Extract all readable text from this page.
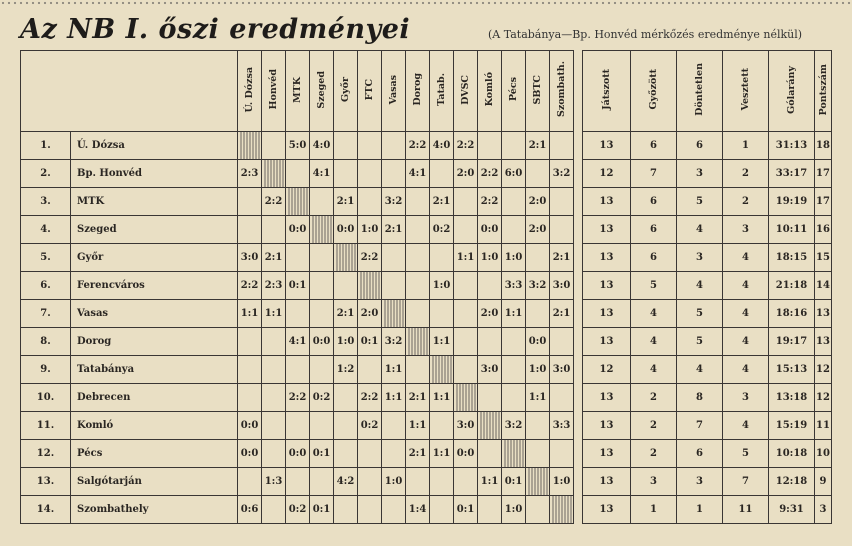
Az NB I. őszi eredményei	(A Tatabánya—Bp. Honvéd mérkőzés eredménye nélkül)
		Ú. Dózsa	Honvéd	MTK	Szeged	Győr	FTC	Vasas	Dorog	Tatab.	DVSC	Komló	Pécs	SBTC	Szombath.		Játszott	Győzött	Döntetlen	Vesztett	Gólarány	Pontszám
1.	Ú. Dózsa			5:0	4:0				2:2	4:0	2:2			2:1			13	6	6	1	31:13	18
2.	Bp. Honvéd	2:3			4:1				4:1		2:0	2:2	6:0		3:2		12	7	3	2	33:17	17
3.	MTK		2:2			2:1		3:2		2:1		2:2		2:0			13	6	5	2	19:19	17
4.	Szeged			0:0		0:0	1:0	2:1		0:2		0:0		2:0			13	6	4	3	10:11	16
5.	Győr	3:0	2:1				2:2				1:1	1:0	1:0		2:1		13	6	3	4	18:15	15
6.	Ferencváros	2:2	2:3	0:1						1:0			3:3	3:2	3:0		13	5	4	4	21:18	14
7.	Vasas	1:1	1:1			2:1	2:0					2:0	1:1		2:1		13	4	5	4	18:16	13
8.	Dorog			4:1	0:0	1:0	0:1	3:2		1:1				0:0			13	4	5	4	19:17	13
9.	Tatabánya					1:2		1:1				3:0		1:0	3:0		12	4	4	4	15:13	12
10.	Debrecen			2:2	0:2		2:2	1:1	2:1	1:1				1:1			13	2	8	3	13:18	12
11.	Komló	0:0					0:2		1:1		3:0		3:2		3:3		13	2	7	4	15:19	11
12.	Pécs	0:0		0:0	0:1				2:1	1:1	0:0						13	2	6	5	10:18	10
13.	Salgótarján		1:3			4:2		1:0				1:1	0:1		1:0		13	3	3	7	12:18	9
14.	Szombathely	0:6		0:2	0:1				1:4		0:1		1:0				13	1	1	11	9:31	3
